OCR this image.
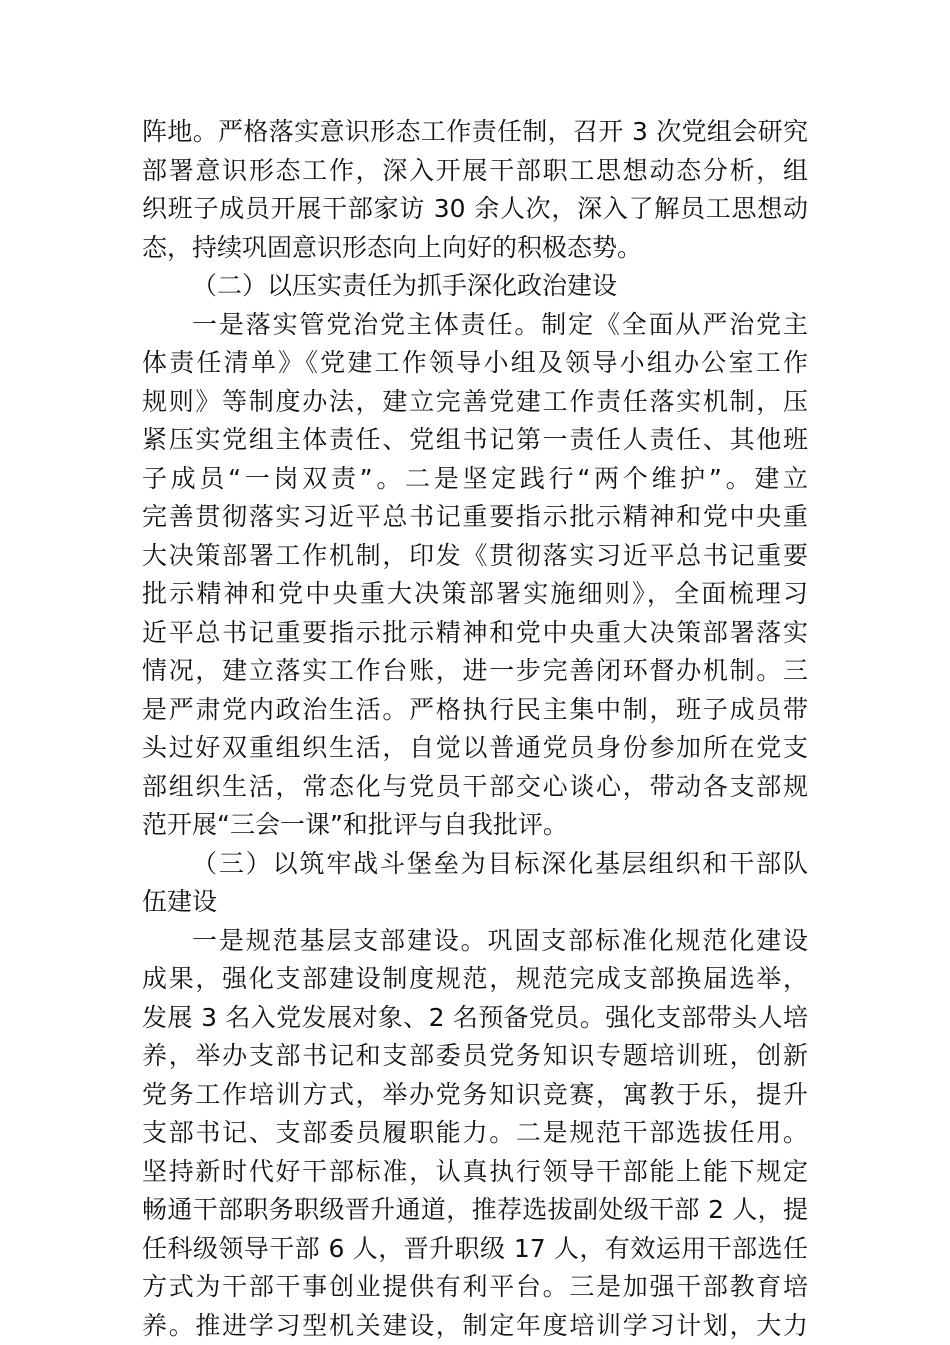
阵地。严格落实意识形态工作责任制，召开 3 次党组会研究
部署意识形态工作，深入开展干部职工思想动态分析，组
织班子成员开展干部家访 30 余人次，深入了解员工思想动
态，持续巩固意识形态向上向好的积极态势。
（二）以压实责任为抓手深化政治建设
一是落实管党治党主体责任。制定《全面从严治党主
体责任清单》《党建工作领导小组及领导小组办公室工作
规则》等制度办法，建立完善党建工作责任落实机制，压
紧压实党组主体责任、党组书记第一责任人责任、其他班
子成员“一岗双责”。二是坚定践行“两个维护”。建立
完善贯彻落实习近平总书记重要指示批示精神和党中央重
大决策部署工作机制，印发《贯彻落实习近平总书记重要
批示精神和党中央重大决策部署实施细则》，全面梳理习
近平总书记重要指示批示精神和党中央重大决策部署落实
情况，建立落实工作台账，进一步完善闭环督办机制。三
是严肃党内政治生活。严格执行民主集中制，班子成员带
头过好双重组织生活，自觉以普通党员身份参加所在党支
部组织生活，常态化与党员干部交心谈心，带动各支部规
范开展“三会一课”和批评与自我批评。
（三）以筑牢战斗堡垒为目标深化基层组织和干部队
伍建设
一是规范基层支部建设。巩固支部标准化规范化建设
成果，强化支部建设制度规范，规范完成支部换届选举，
发展 3 名入党发展对象、2 名预备党员。强化支部带头人培
养，举办支部书记和支部委员党务知识专题培训班，创新
党务工作培训方式，举办党务知识竞赛，寓教于乐，提升
支部书记、支部委员履职能力。二是规范干部选拔任用。
坚持新时代好干部标准，认真执行领导干部能上能下规定
畅通干部职务职级晋升通道，推荐选拔副处级干部 2 人，提
任科级领导干部 6 人，晋升职级 17 人，有效运用干部选任
方式为干部干事创业提供有利平台。三是加强干部教育培
养。推进学习型机关建设，制定年度培训学习计划，大力
